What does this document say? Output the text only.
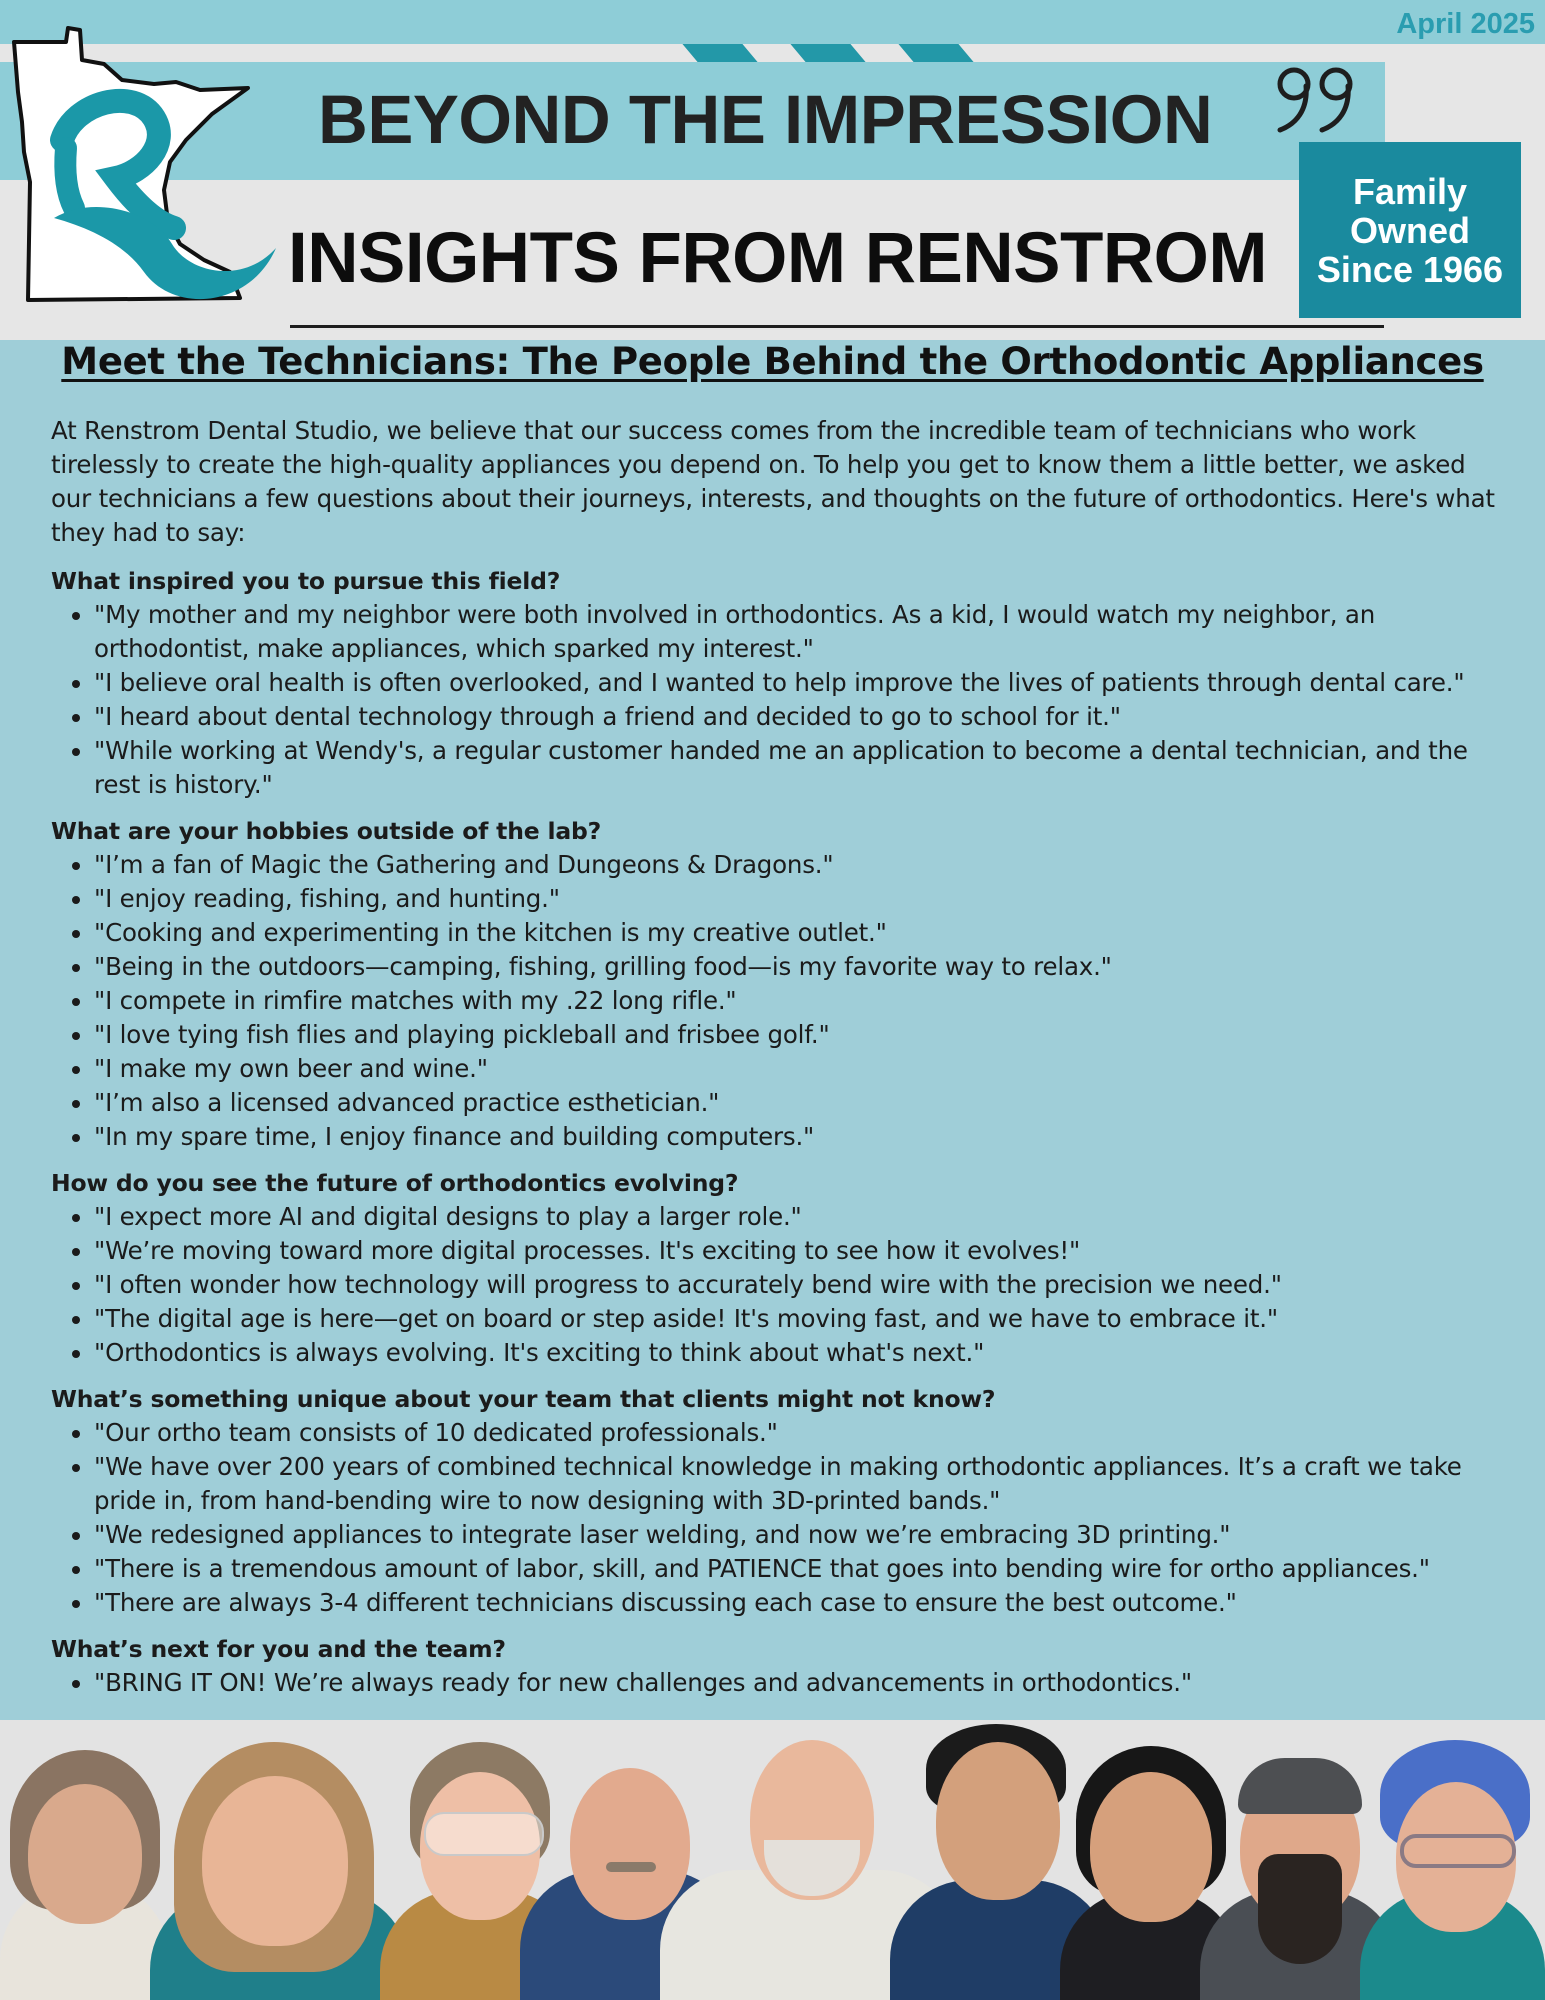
April 2025
BEYOND THE IMPRESSION
INSIGHTS FROM RENSTROM
Family
Owned
Since 1966
Meet the Technicians: The People Behind the Orthodontic Appliances

At Renstrom Dental Studio, we believe that our success comes from the incredible team of technicians who work tirelessly to create the high-quality appliances you depend on. To help you get to know them a little better, we asked our technicians a few questions about their journeys, interests, and thoughts on the future of orthodontics. Here's what they had to say:

What inspired you to pursue this field?

• "My mother and my neighbor were both involved in orthodontics. As a kid, I would watch my neighbor, an orthodontist, make appliances, which sparked my interest."
• "I believe oral health is often overlooked, and I wanted to help improve the lives of patients through dental care."
• "I heard about dental technology through a friend and decided to go to school for it."
• "While working at Wendy's, a regular customer handed me an application to become a dental technician, and the rest is history."

What are your hobbies outside of the lab?

• "I’m a fan of Magic the Gathering and Dungeons & Dragons."
• "I enjoy reading, fishing, and hunting."
• "Cooking and experimenting in the kitchen is my creative outlet."
• "Being in the outdoors—camping, fishing, grilling food—is my favorite way to relax."
• "I compete in rimfire matches with my .22 long rifle."
• "I love tying fish flies and playing pickleball and frisbee golf."
• "I make my own beer and wine."
• "I’m also a licensed advanced practice esthetician."
• "In my spare time, I enjoy finance and building computers."

How do you see the future of orthodontics evolving?

• "I expect more AI and digital designs to play a larger role."
• "We’re moving toward more digital processes. It's exciting to see how it evolves!"
• "I often wonder how technology will progress to accurately bend wire with the precision we need."
• "The digital age is here—get on board or step aside! It's moving fast, and we have to embrace it."
• "Orthodontics is always evolving. It's exciting to think about what's next."

What’s something unique about your team that clients might not know?

• "Our ortho team consists of 10 dedicated professionals."
• "We have over 200 years of combined technical knowledge in making orthodontic appliances. It’s a craft we take pride in, from hand-bending wire to now designing with 3D-printed bands."
• "We redesigned appliances to integrate laser welding, and now we’re embracing 3D printing."
• "There is a tremendous amount of labor, skill, and PATIENCE that goes into bending wire for ortho appliances."
• "There are always 3-4 different technicians discussing each case to ensure the best outcome."

What’s next for you and the team?

• "BRING IT ON! We’re always ready for new challenges and advancements in orthodontics."
